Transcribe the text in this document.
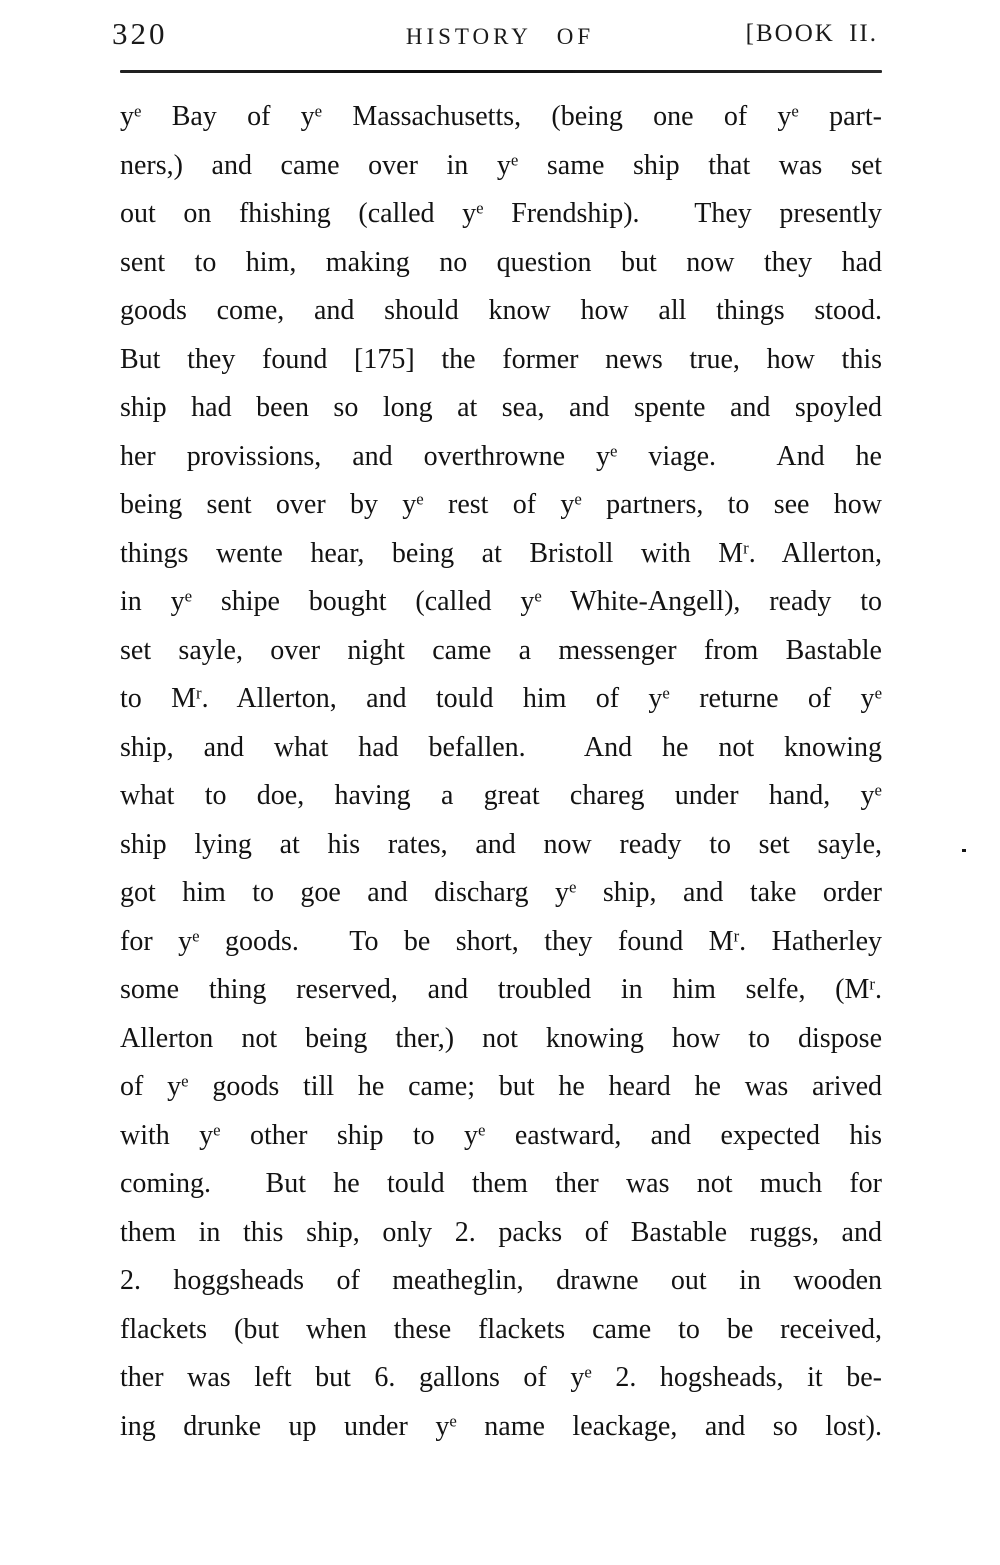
320	HISTORY OF	[BOOK II.
$y^e$ Bay of $y^e$ Massachusetts, (being one of $y^e$ part-
ners,) and came over in $y^e$ same ship that was set
out on fhishing (called $y^e$ Frendship).  They presently
sent to him, making no question but now they had
goods come, and should know how all things stood.
But they found [175] the former news true, how this
ship had been so long at sea, and spente and spoyled
her provissions, and overthrowne $y^e$ viage.  And he
being sent over by $y^e$ rest of $y^e$ partners, to see how
things wente hear, being at Bristoll with $M^r$. Allerton,
in $y^e$ shipe bought (called $y^e$ White-Angell), ready to
set sayle, over night came a messenger from Bastable
to $M^r$. Allerton, and tould him of $y^e$ returne of $y^e$
ship, and what had befallen.  And he not knowing
what to doe, having a great chareg under hand, $y^e$
ship lying at his rates, and now ready to set sayle,
got him to goe and discharg $y^e$ ship, and take order
for $y^e$ goods.  To be short, they found $M^r$. Hatherley
some thing reserved, and troubled in him selfe, ($M^r$.
Allerton not being ther,) not knowing how to dispose
of $y^e$ goods till he came; but he heard he was arived
with $y^e$ other ship to $y^e$ eastward, and expected his
coming.  But he tould them ther was not much for
them in this ship, only 2. packs of Bastable ruggs, and
2. hoggsheads of meatheglin, drawne out in wooden
flackets (but when these flackets came to be received,
ther was left but 6. gallons of $y^e$ 2. hogsheads, it be-
ing drunke up under $y^e$ name leackage, and so lost).
